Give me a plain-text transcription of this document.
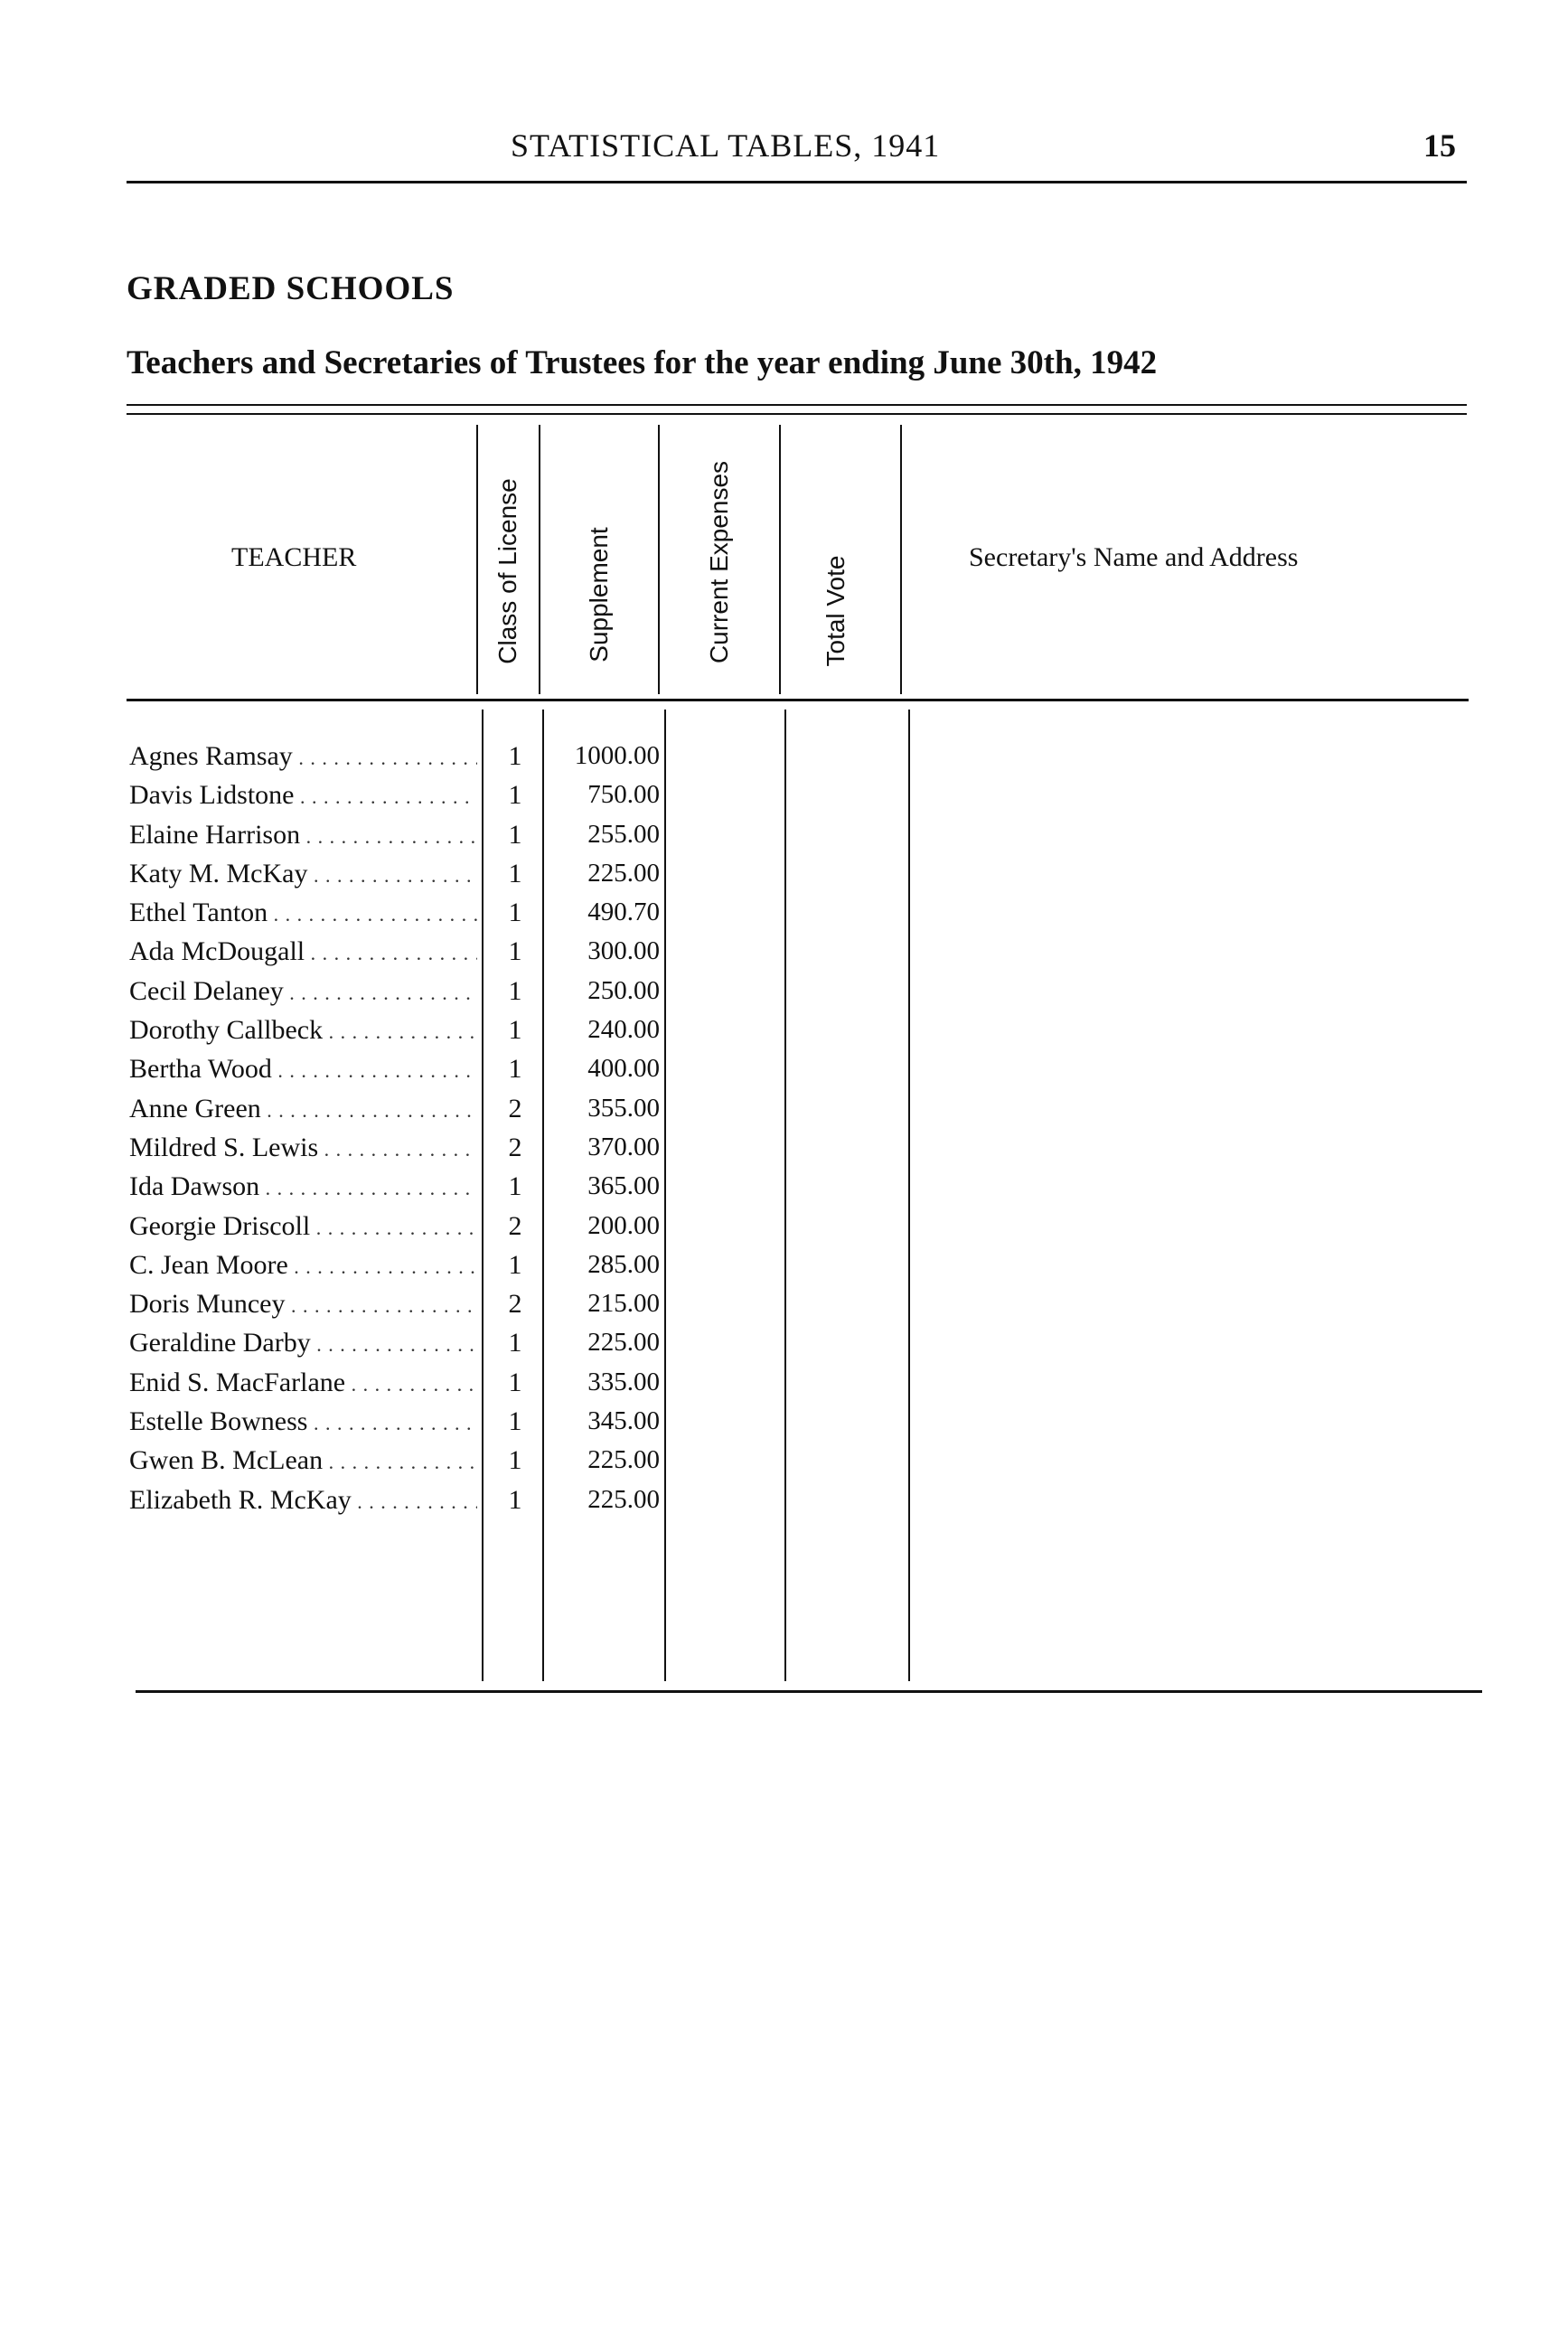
STATISTICAL TABLES, 1941	15
GRADED SCHOOLS
Teachers and Secretaries of Trustees for the year ending June 30th, 1942
TEACHER	Class of License	Supplement	Current Expenses	Total Vote	Secretary's Name and Address
Agnes Ramsay . . .	1	1000.00
Davis Lidstone . . .	1	750.00
Elaine Harrison . . .	1	255.00
Katy M. McKay . . .	1	225.00
Ethel Tanton . . .	1	490.70
Ada McDougall . . .	1	300.00
Cecil Delaney . . .	1	250.00
Dorothy Callbeck . . .	1	240.00
Bertha Wood . . .	1	400.00
Anne Green . . .	2	355.00
Mildred S. Lewis . . .	2	370.00
Ida Dawson . . .	1	365.00
Georgie Driscoll . . .	2	200.00
C. Jean Moore . . .	1	285.00
Doris Muncey . . .	2	215.00
Geraldine Darby . . .	1	225.00
Enid S. MacFarlane . . .	1	335.00
Estelle Bowness . . .	1	345.00
Gwen B. McLean . . .	1	225.00
Elizabeth R. McKay . . .	1	225.00
